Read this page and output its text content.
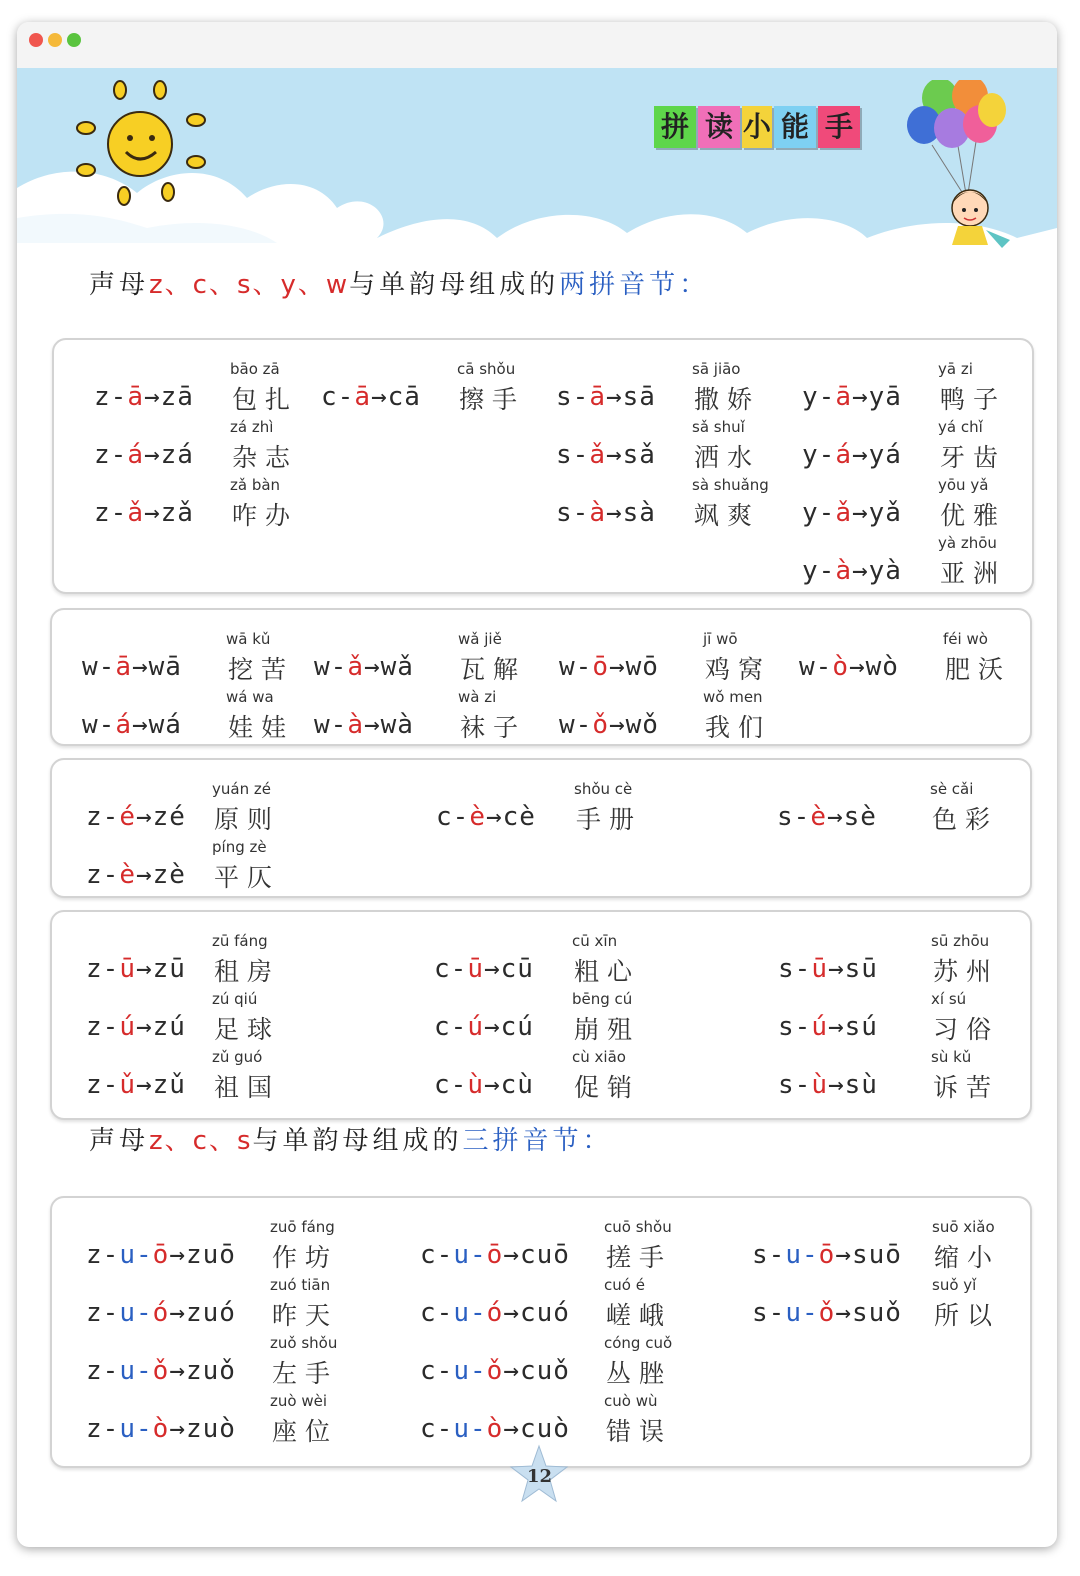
拼 读 小 能 手
声母z、c、s、y、w与单韵母组成的两拼音节：
z-ā→zā
bāo zā
包扎
z-á→zá
zá zhì
杂志
z-ǎ→zǎ
zǎ bàn
咋办
c-ā→cā
cā shǒu
擦手 s-ā→sā
sā jiāo
撒娇
s-ǎ→sǎ
sǎ shuǐ
洒水
s-à→sà
sà shuǎng
飒爽
y-ā→yā
yā zi
鸭子
y-á→yá
yá chǐ
牙齿
y-ǎ→yǎ
yōu yǎ
优雅
y-à→yà
yà zhōu
亚洲
w-ā→wā
wā kǔ
挖苦
w-á→wá
wá wa
娃娃
w-ǎ→wǎ
wǎ jiě
瓦解
w-à→wà
wà zi
袜子
w-ō→wō
jī wō
鸡窝
w-ǒ→wǒ
wǒ men
我们
w-ò→wò
féi wò
肥沃
z-é→zé
yuán zé
原则
z-è→zè
píng zè
平仄
c-è→cè
shǒu cè
手册	s-è→sè
sè cǎi
色彩
z-ū→zū
zū fáng
租房
z-ú→zú
zú qiú
足球
z-ǔ→zǔ
zǔ guó
祖国
c-ū→cū
cū xīn
粗心
c-ú→cú
bēng cú
崩殂
c-ù→cù
cù xiāo
促销
s-ū→sū
sū zhōu
苏州
s-ú→sú
xí sú
习俗
s-ù→sù
sù kǔ
诉苦
声母z、c、s与单韵母组成的三拼音节：
z-u-ō→zuō
zuō fáng
作坊
z-u-ó→zuó
zuó tiān
昨天
z-u-ǒ→zuǒ
zuǒ shǒu
左手
z-u-ò→zuò
zuò wèi
座位
c-u-ō→cuō
cuō shǒu
搓手
c-u-ó→cuó
cuó é
嵯峨
c-u-ǒ→cuǒ
cóng cuǒ
丛脞
c-u-ò→cuò
cuò wù
错误
s-u-ō→suō
suō xiǎo
缩小
s-u-ǒ→suǒ
suǒ yǐ
所以
12
